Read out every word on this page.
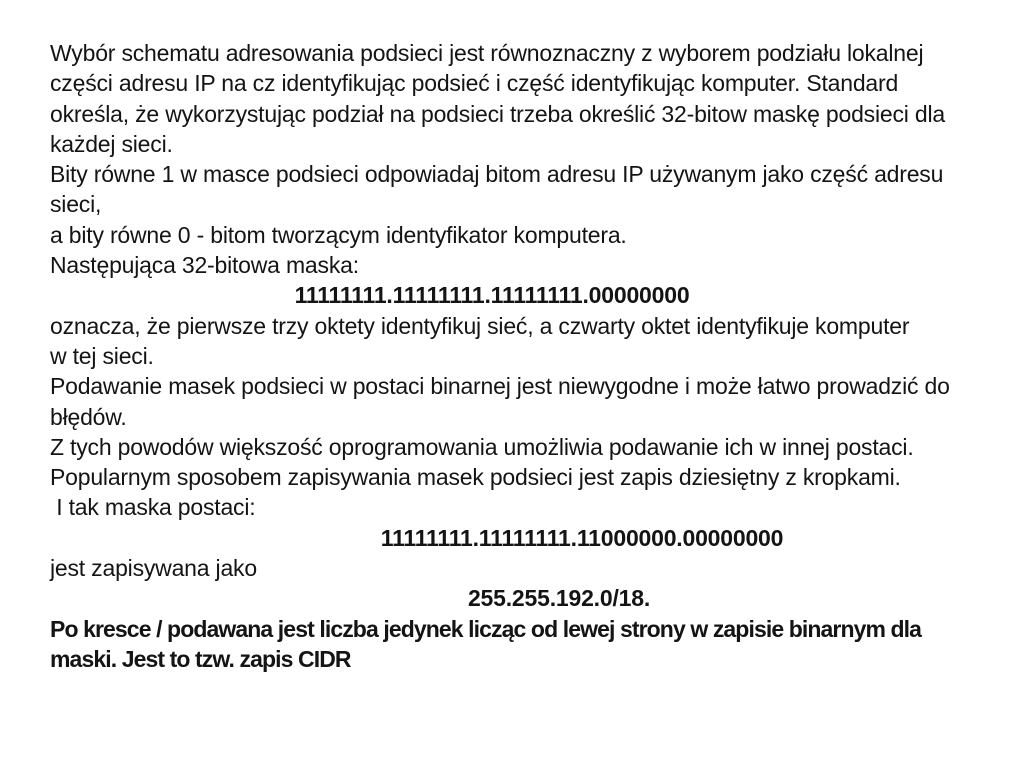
Wybór schematu adresowania podsieci jest równoznaczny z wyborem podziału lokalnej
części adresu IP na cz identyfikując podsieć i część identyfikując komputer. Standard
określa, że wykorzystując podział na podsieci trzeba określić 32-bitow maskę podsieci dla
każdej sieci.
Bity równe 1 w masce podsieci odpowiadaj bitom adresu IP używanym jako część adresu
sieci,
a bity równe 0 - bitom tworzącym identyfikator komputera.
Następująca 32-bitowa maska:
11111111.11111111.11111111.00000000
oznacza, że pierwsze trzy oktety identyfikuj sieć, a czwarty oktet identyfikuje komputer
w tej sieci.
Podawanie masek podsieci w postaci binarnej jest niewygodne i może łatwo prowadzić do
błędów.
Z tych powodów większość oprogramowania umożliwia podawanie ich w innej postaci.
Popularnym sposobem zapisywania masek podsieci jest zapis dziesiętny z kropkami.
I tak maska postaci:
11111111.11111111.11000000.00000000
jest zapisywana jako
255.255.192.0/18.
Po kresce / podawana jest liczba jedynek licząc od lewej strony w zapisie binarnym dla
maski. Jest to tzw. zapis CIDR
